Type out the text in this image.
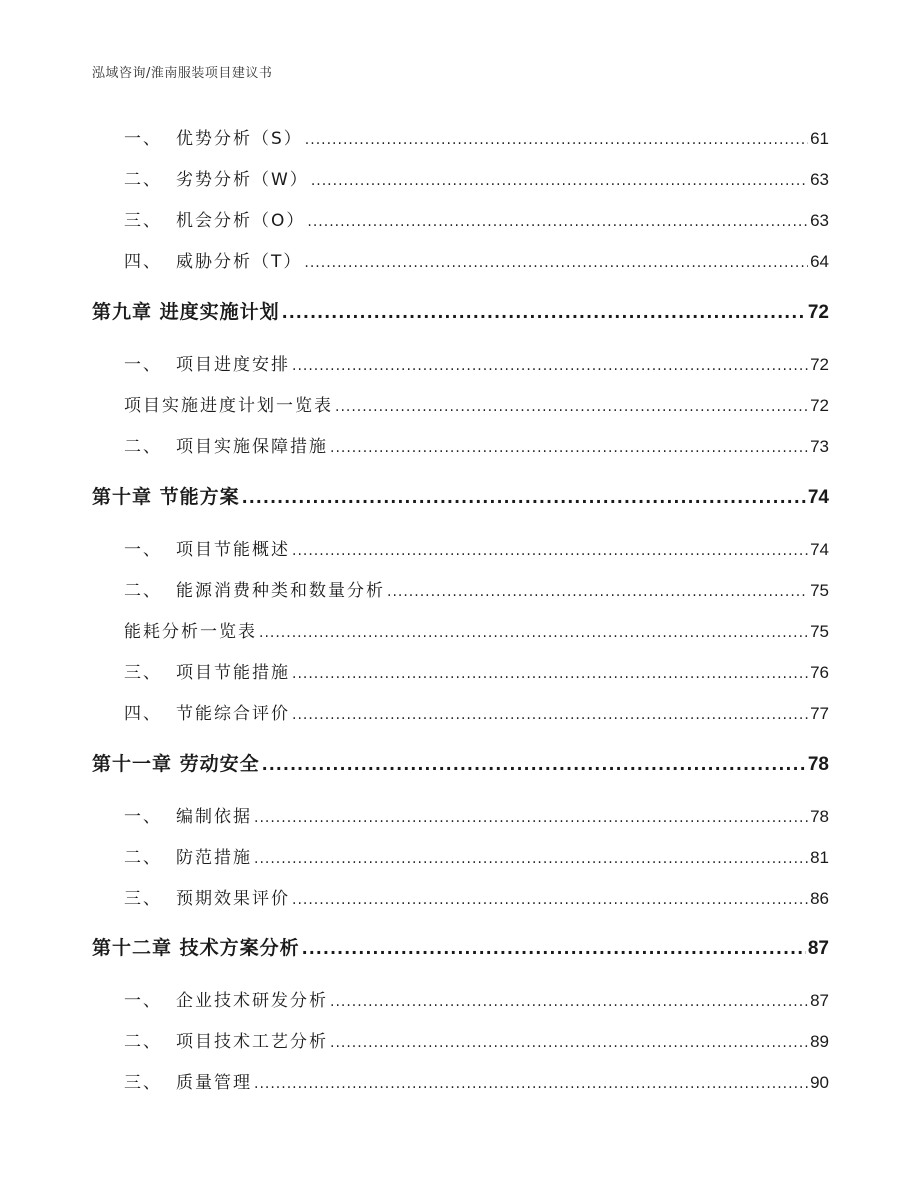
泓域咨询/淮南服装项目建议书
一、 优势分析（S） .....	61
二、 劣势分析（W） .....	63
三、 机会分析（O） .....	63
四、 威胁分析（T） .....	64
第九章 进度实施计划 .....	72
一、 项目进度安排 .....	72
项目实施进度计划一览表 .....	72
二、 项目实施保障措施 .....	73
第十章 节能方案 .....	74
一、 项目节能概述 .....	74
二、 能源消费种类和数量分析 .....	75
能耗分析一览表 .....	75
三、 项目节能措施 .....	76
四、 节能综合评价 .....	77
第十一章 劳动安全 .....	78
一、 编制依据 .....	78
二、 防范措施 .....	81
三、 预期效果评价 .....	86
第十二章 技术方案分析 .....	87
一、 企业技术研发分析 .....	87
二、 项目技术工艺分析 .....	89
三、 质量管理 .....	90
